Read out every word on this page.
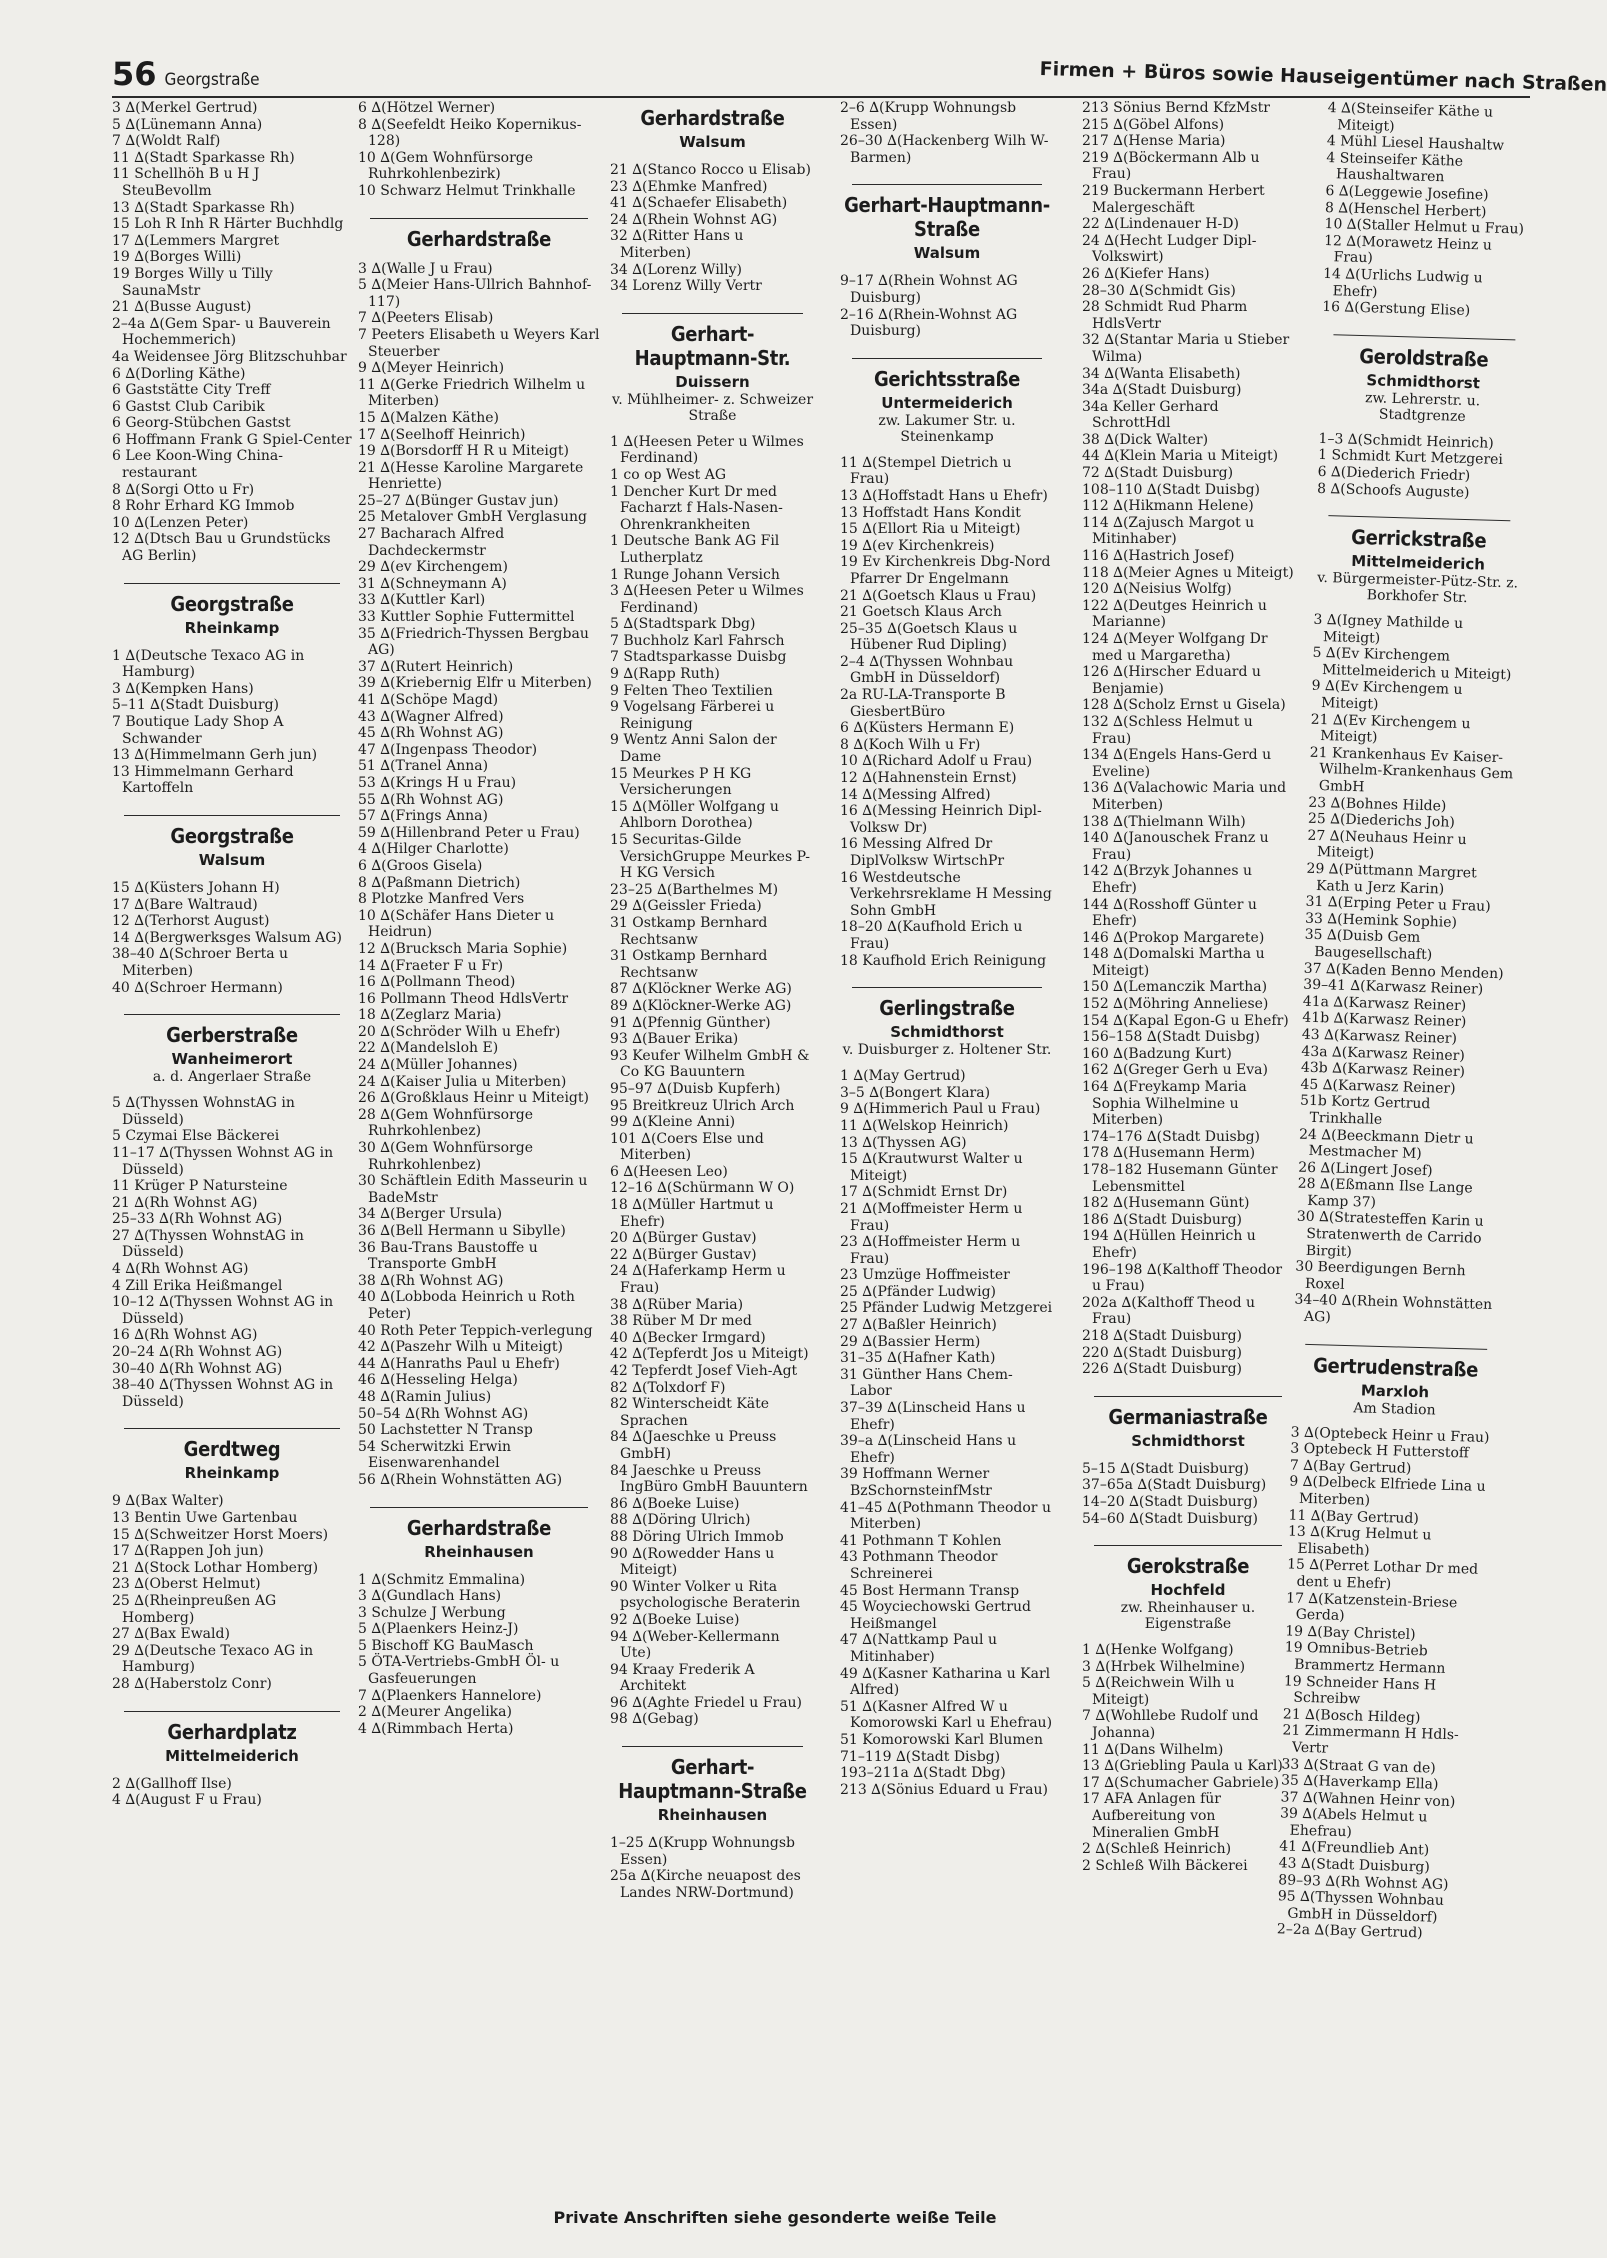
56 Georgstraße	Firmen + Büros sowie Hauseigentümer nach Straßen

3 ∆(Merkel Gertrud)

5 ∆(Lünemann Anna)

7 ∆(Woldt Ralf)

11 ∆(Stadt Sparkasse Rh)

11 Schellhöh B u H J SteuBevollm

13 ∆(Stadt Sparkasse Rh)

15 Loh R Inh R Härter Buchhdlg

17 ∆(Lemmers Margret

19 ∆(Borges Willi)

19 Borges Willy u Tilly SaunaMstr

21 ∆(Busse August)

2–4a ∆(Gem Spar- u Bauverein Hochemmerich)

4a Weidensee Jörg Blitzschuhbar

6 ∆(Dorling Käthe)

6 Gaststätte City Treff

6 Gastst Club Caribik

6 Georg-Stübchen Gastst

6 Hoffmann Frank G Spiel-Center

6 Lee Koon-Wing China-restaurant

8 ∆(Sorgi Otto u Fr)

8 Rohr Erhard KG Immob

10 ∆(Lenzen Peter)

12 ∆(Dtsch Bau u Grundstücks AG Berlin)

Georgstraße
Rheinkamp

1 ∆(Deutsche Texaco AG in Hamburg)

3 ∆(Kempken Hans)

5–11 ∆(Stadt Duisburg)

7 Boutique Lady Shop A Schwander

13 ∆(Himmelmann Gerh jun)

13 Himmelmann Gerhard Kartoffeln

Georgstraße
Walsum

15 ∆(Küsters Johann H)

17 ∆(Bare Waltraud)

12 ∆(Terhorst August)

14 ∆(Bergwerksges Walsum AG)

38–40 ∆(Schroer Berta u Miterben)

40 ∆(Schroer Hermann)

Gerberstraße
Wanheimerort
a. d. Angerlaer Straße

5 ∆(Thyssen WohnstAG in Düsseld)

5 Czymai Else Bäckerei

11–17 ∆(Thyssen Wohnst AG in Düsseld)

11 Krüger P Natursteine

21 ∆(Rh Wohnst AG)

25–33 ∆(Rh Wohnst AG)

27 ∆(Thyssen WohnstAG in Düsseld)

4 ∆(Rh Wohnst AG)

4 Zill Erika Heißmangel

10–12 ∆(Thyssen Wohnst AG in Düsseld)

16 ∆(Rh Wohnst AG)

20–24 ∆(Rh Wohnst AG)

30–40 ∆(Rh Wohnst AG)

38–40 ∆(Thyssen Wohnst AG in Düsseld)

Gerdtweg
Rheinkamp

9 ∆(Bax Walter)

13 Bentin Uwe Gartenbau

15 ∆(Schweitzer Horst Moers)

17 ∆(Rappen Joh jun)

21 ∆(Stock Lothar Homberg)

23 ∆(Oberst Helmut)

25 ∆(Rheinpreußen AG Homberg)

27 ∆(Bax Ewald)

29 ∆(Deutsche Texaco AG in Hamburg)

28 ∆(Haberstolz Conr)

Gerhardplatz
Mittelmeiderich

2 ∆(Gallhoff Ilse)

4 ∆(August F u Frau)

6 ∆(Hötzel Werner)

8 ∆(Seefeldt Heiko Kopernikus-128)

10 ∆(Gem Wohnfürsorge Ruhrkohlenbezirk)

10 Schwarz Helmut Trinkhalle

Gerhardstraße

3 ∆(Walle J u Frau)

5 ∆(Meier Hans-Ullrich Bahnhof-117)

7 ∆(Peeters Elisab)

7 Peeters Elisabeth u Weyers Karl Steuerber

9 ∆(Meyer Heinrich)

11 ∆(Gerke Friedrich Wilhelm u Miterben)

15 ∆(Malzen Käthe)

17 ∆(Seelhoff Heinrich)

19 ∆(Borsdorff H R u Miteigt)

21 ∆(Hesse Karoline Margarete Henriette)

25–27 ∆(Bünger Gustav jun)

25 Metalover GmbH Verglasung

27 Bacharach Alfred Dachdeckermstr

29 ∆(ev Kirchengem)

31 ∆(Schneymann A)

33 ∆(Kuttler Karl)

33 Kuttler Sophie Futtermittel

35 ∆(Friedrich-Thyssen Bergbau AG)

37 ∆(Rutert Heinrich)

39 ∆(Kriebernig Elfr u Miterben)

41 ∆(Schöpe Magd)

43 ∆(Wagner Alfred)

45 ∆(Rh Wohnst AG)

47 ∆(Ingenpass Theodor)

51 ∆(Tranel Anna)

53 ∆(Krings H u Frau)

55 ∆(Rh Wohnst AG)

57 ∆(Frings Anna)

59 ∆(Hillenbrand Peter u Frau)

4 ∆(Hilger Charlotte)

6 ∆(Groos Gisela)

8 ∆(Paßmann Dietrich)

8 Plotzke Manfred Vers

10 ∆(Schäfer Hans Dieter u Heidrun)

12 ∆(Brucksch Maria Sophie)

14 ∆(Fraeter F u Fr)

16 ∆(Pollmann Theod)

16 Pollmann Theod HdlsVertr

18 ∆(Zeglarz Maria)

20 ∆(Schröder Wilh u Ehefr)

22 ∆(Mandelsloh E)

24 ∆(Müller Johannes)

24 ∆(Kaiser Julia u Miterben)

26 ∆(Großklaus Heinr u Miteigt)

28 ∆(Gem Wohnfürsorge Ruhrkohlenbez)

30 ∆(Gem Wohnfürsorge Ruhrkohlenbez)

30 Schäftlein Edith Masseurin u BadeMstr

34 ∆(Berger Ursula)

36 ∆(Bell Hermann u Sibylle)

36 Bau-Trans Baustoffe u Transporte GmbH

38 ∆(Rh Wohnst AG)

40 ∆(Lobboda Heinrich u Roth Peter)

40 Roth Peter Teppich-verlegung

42 ∆(Paszehr Wilh u Miteigt)

44 ∆(Hanraths Paul u Ehefr)

46 ∆(Hesseling Helga)

48 ∆(Ramin Julius)

50–54 ∆(Rh Wohnst AG)

50 Lachstetter N Transp

54 Scherwitzki Erwin Eisenwarenhandel

56 ∆(Rhein Wohnstätten AG)

Gerhardstraße
Rheinhausen

1 ∆(Schmitz Emmalina)

3 ∆(Gundlach Hans)

3 Schulze J Werbung

5 ∆(Plaenkers Heinz-J)

5 Bischoff KG BauMasch

5 ÖTA-Vertriebs-GmbH Öl- u Gasfeuerungen

7 ∆(Plaenkers Hannelore)

2 ∆(Meurer Angelika)

4 ∆(Rimmbach Herta)

Gerhardstraße
Walsum

21 ∆(Stanco Rocco u Elisab)

23 ∆(Ehmke Manfred)

41 ∆(Schaefer Elisabeth)

24 ∆(Rhein Wohnst AG)

32 ∆(Ritter Hans u Miterben)

34 ∆(Lorenz Willy)

34 Lorenz Willy Vertr

Gerhart-Hauptmann-Str.
Duissern
v. Mühlheimer- z. Schweizer Straße

1 ∆(Heesen Peter u Wilmes Ferdinand)

1 co op West AG

1 Dencher Kurt Dr med Facharzt f Hals-Nasen-Ohrenkrankheiten

1 Deutsche Bank AG Fil Lutherplatz

1 Runge Johann Versich

3 ∆(Heesen Peter u Wilmes Ferdinand)

5 ∆(Stadtspark Dbg)

7 Buchholz Karl Fahrsch

7 Stadtsparkasse Duisbg

9 ∆(Rapp Ruth)

9 Felten Theo Textilien

9 Vogelsang Färberei u Reinigung

9 Wentz Anni Salon der Dame

15 Meurkes P H KG Versicherungen

15 ∆(Möller Wolfgang u Ahlborn Dorothea)

15 Securitas-Gilde VersichGruppe Meurkes P-H KG Versich

23–25 ∆(Barthelmes M)

29 ∆(Geissler Frieda)

31 Ostkamp Bernhard Rechtsanw

31 Ostkamp Bernhard Rechtsanw

87 ∆(Klöckner Werke AG)

89 ∆(Klöckner-Werke AG)

91 ∆(Pfennig Günther)

93 ∆(Bauer Erika)

93 Keufer Wilhelm GmbH & Co KG Bauuntern

95–97 ∆(Duisb Kupferh)

95 Breitkreuz Ulrich Arch

99 ∆(Kleine Anni)

101 ∆(Coers Else und Miterben)

6 ∆(Heesen Leo)

12–16 ∆(Schürmann W O)

18 ∆(Müller Hartmut u Ehefr)

20 ∆(Bürger Gustav)

22 ∆(Bürger Gustav)

24 ∆(Haferkamp Herm u Frau)

38 ∆(Rüber Maria)

38 Rüber M Dr med

40 ∆(Becker Irmgard)

42 ∆(Tepferdt Jos u Miteigt)

42 Tepferdt Josef Vieh-Agt

82 ∆(Tolxdorf F)

82 Winterscheidt Käte Sprachen

84 ∆(Jaeschke u Preuss GmbH)

84 Jaeschke u Preuss IngBüro GmbH Bauuntern

86 ∆(Boeke Luise)

88 ∆(Döring Ulrich)

88 Döring Ulrich Immob

90 ∆(Rowedder Hans u Miteigt)

90 Winter Volker u Rita psychologische Beraterin

92 ∆(Boeke Luise)

94 ∆(Weber-Kellermann Ute)

94 Kraay Frederik A Architekt

96 ∆(Aghte Friedel u Frau)

98 ∆(Gebag)

Gerhart-Hauptmann-Straße
Rheinhausen

1–25 ∆(Krupp Wohnungsb Essen)

25a ∆(Kirche neuapost des Landes NRW-Dortmund)

2–6 ∆(Krupp Wohnungsb Essen)

26–30 ∆(Hackenberg Wilh W-Barmen)

Gerhart-Hauptmann-Straße
Walsum

9–17 ∆(Rhein Wohnst AG Duisburg)

2–16 ∆(Rhein-Wohnst AG Duisburg)

Gerichtsstraße
Untermeiderich
zw. Lakumer Str. u. Steinenkamp

11 ∆(Stempel Dietrich u Frau)

13 ∆(Hoffstadt Hans u Ehefr)

13 Hoffstadt Hans Kondit

15 ∆(Ellort Ria u Miteigt)

19 ∆(ev Kirchenkreis)

19 Ev Kirchenkreis Dbg-Nord Pfarrer Dr Engelmann

21 ∆(Goetsch Klaus u Frau)

21 Goetsch Klaus Arch

25–35 ∆(Goetsch Klaus u Hübener Rud Dipling)

2–4 ∆(Thyssen Wohnbau GmbH in Düsseldorf)

2a RU-LA-Transporte B GiesbertBüro

6 ∆(Küsters Hermann E)

8 ∆(Koch Wilh u Fr)

10 ∆(Richard Adolf u Frau)

12 ∆(Hahnenstein Ernst)

14 ∆(Messing Alfred)

16 ∆(Messing Heinrich Dipl-Volksw Dr)

16 Messing Alfred Dr DiplVolksw WirtschPr

16 Westdeutsche Verkehrsreklame H Messing Sohn GmbH

18–20 ∆(Kaufhold Erich u Frau)

18 Kaufhold Erich Reinigung

Gerlingstraße
Schmidthorst
v. Duisburger z. Holtener Str.

1 ∆(May Gertrud)

3–5 ∆(Bongert Klara)

9 ∆(Himmerich Paul u Frau)

11 ∆(Welskop Heinrich)

13 ∆(Thyssen AG)

15 ∆(Krautwurst Walter u Miteigt)

17 ∆(Schmidt Ernst Dr)

21 ∆(Moffmeister Herm u Frau)

23 ∆(Hoffmeister Herm u Frau)

23 Umzüge Hoffmeister

25 ∆(Pfänder Ludwig)

25 Pfänder Ludwig Metzgerei

27 ∆(Baßler Heinrich)

29 ∆(Bassier Herm)

31–35 ∆(Hafner Kath)

31 Günther Hans Chem-Labor

37–39 ∆(Linscheid Hans u Ehefr)

39–a ∆(Linscheid Hans u Ehefr)

39 Hoffmann Werner BzSchornsteinfMstr

41–45 ∆(Pothmann Theodor u Miterben)

41 Pothmann T Kohlen

43 Pothmann Theodor Schreinerei

45 Bost Hermann Transp

45 Woyciechowski Gertrud Heißmangel

47 ∆(Nattkamp Paul u Mitinhaber)

49 ∆(Kasner Katharina u Karl Alfred)

51 ∆(Kasner Alfred W u Komorowski Karl u Ehefrau)

51 Komorowski Karl Blumen

71–119 ∆(Stadt Disbg)

193–211a ∆(Stadt Dbg)

213 ∆(Sönius Eduard u Frau)

213 Sönius Bernd KfzMstr

215 ∆(Göbel Alfons)

217 ∆(Hense Maria)

219 ∆(Böckermann Alb u Frau)

219 Buckermann Herbert Malergeschäft

22 ∆(Lindenauer H-D)

24 ∆(Hecht Ludger Dipl-Volkswirt)

26 ∆(Kiefer Hans)

28–30 ∆(Schmidt Gis)

28 Schmidt Rud Pharm HdlsVertr

32 ∆(Stantar Maria u Stieber Wilma)

34 ∆(Wanta Elisabeth)

34a ∆(Stadt Duisburg)

34a Keller Gerhard SchrottHdl

38 ∆(Dick Walter)

44 ∆(Klein Maria u Miteigt)

72 ∆(Stadt Duisburg)

108–110 ∆(Stadt Duisbg)

112 ∆(Hikmann Helene)

114 ∆(Zajusch Margot u Mitinhaber)

116 ∆(Hastrich Josef)

118 ∆(Meier Agnes u Miteigt)

120 ∆(Neisius Wolfg)

122 ∆(Deutges Heinrich u Marianne)

124 ∆(Meyer Wolfgang Dr med u Margaretha)

126 ∆(Hirscher Eduard u Benjamie)

128 ∆(Scholz Ernst u Gisela)

132 ∆(Schless Helmut u Frau)

134 ∆(Engels Hans-Gerd u Eveline)

136 ∆(Valachowic Maria und Miterben)

138 ∆(Thielmann Wilh)

140 ∆(Janouschek Franz u Frau)

142 ∆(Brzyk Johannes u Ehefr)

144 ∆(Rosshoff Günter u Ehefr)

146 ∆(Prokop Margarete)

148 ∆(Domalski Martha u Miteigt)

150 ∆(Lemanczik Martha)

152 ∆(Möhring Anneliese)

154 ∆(Kapal Egon-G u Ehefr)

156–158 ∆(Stadt Duisbg)

160 ∆(Badzung Kurt)

162 ∆(Greger Gerh u Eva)

164 ∆(Freykamp Maria Sophia Wilhelmine u Miterben)

174–176 ∆(Stadt Duisbg)

178 ∆(Husemann Herm)

178–182 Husemann Günter Lebensmittel

182 ∆(Husemann Günt)

186 ∆(Stadt Duisburg)

194 ∆(Hüllen Heinrich u Ehefr)

196–198 ∆(Kalthoff Theodor u Frau)

202a ∆(Kalthoff Theod u Frau)

218 ∆(Stadt Duisburg)

220 ∆(Stadt Duisburg)

226 ∆(Stadt Duisburg)

Germaniastraße
Schmidthorst

5–15 ∆(Stadt Duisburg)

37–65a ∆(Stadt Duisburg)

14–20 ∆(Stadt Duisburg)

54–60 ∆(Stadt Duisburg)

Gerokstraße
Hochfeld
zw. Rheinhauser u. Eigenstraße

1 ∆(Henke Wolfgang)

3 ∆(Hrbek Wilhelmine)

5 ∆(Reichwein Wilh u Miteigt)

7 ∆(Wohllebe Rudolf und Johanna)

11 ∆(Dans Wilhelm)

13 ∆(Griebling Paula u Karl)

17 ∆(Schumacher Gabriele)

17 AFA Anlagen für Aufbereitung von Mineralien GmbH

2 ∆(Schleß Heinrich)

2 Schleß Wilh Bäckerei

4 ∆(Steinseifer Käthe u Miteigt)

4 Mühl Liesel Haushaltw

4 Steinseifer Käthe Haushaltwaren

6 ∆(Leggewie Josefine)

8 ∆(Henschel Herbert)

10 ∆(Staller Helmut u Frau)

12 ∆(Morawetz Heinz u Frau)

14 ∆(Urlichs Ludwig u Ehefr)

16 ∆(Gerstung Elise)

Geroldstraße
Schmidthorst
zw. Lehrerstr. u. Stadtgrenze

1–3 ∆(Schmidt Heinrich)

1 Schmidt Kurt Metzgerei

6 ∆(Diederich Friedr)

8 ∆(Schoofs Auguste)

Gerrickstraße
Mittelmeiderich
v. Bürgermeister-Pütz-Str. z. Borkhofer Str.

3 ∆(Igney Mathilde u Miteigt)

5 ∆(Ev Kirchengem Mittelmeiderich u Miteigt)

9 ∆(Ev Kirchengem u Miteigt)

21 ∆(Ev Kirchengem u Miteigt)

21 Krankenhaus Ev Kaiser-Wilhelm-Krankenhaus Gem GmbH

23 ∆(Bohnes Hilde)

25 ∆(Diederichs Joh)

27 ∆(Neuhaus Heinr u Miteigt)

29 ∆(Püttmann Margret Kath u Jerz Karin)

31 ∆(Erping Peter u Frau)

33 ∆(Hemink Sophie)

35 ∆(Duisb Gem Baugesellschaft)

37 ∆(Kaden Benno Menden)

39–41 ∆(Karwasz Reiner)

41a ∆(Karwasz Reiner)

41b ∆(Karwasz Reiner)

43 ∆(Karwasz Reiner)

43a ∆(Karwasz Reiner)

43b ∆(Karwasz Reiner)

45 ∆(Karwasz Reiner)

51b Kortz Gertrud Trinkhalle

24 ∆(Beeckmann Dietr u Mestmacher M)

26 ∆(Lingert Josef)

28 ∆(Eßmann Ilse Lange Kamp 37)

30 ∆(Stratesteffen Karin u Stratenwerth de Carrido Birgit)

30 Beerdigungen Bernh Roxel

34–40 ∆(Rhein Wohnstätten AG)

Gertrudenstraße
Marxloh
Am Stadion

3 ∆(Optebeck Heinr u Frau)

3 Optebeck H Futterstoff

7 ∆(Bay Gertrud)

9 ∆(Delbeck Elfriede Lina u Miterben)

11 ∆(Bay Gertrud)

13 ∆(Krug Helmut u Elisabeth)

15 ∆(Perret Lothar Dr med dent u Ehefr)

17 ∆(Katzenstein-Briese Gerda)

19 ∆(Bay Christel)

19 Omnibus-Betrieb Brammertz Hermann

19 Schneider Hans H Schreibw

21 ∆(Bosch Hildeg)

21 Zimmermann H Hdls-Vertr

33 ∆(Straat G van de)

35 ∆(Haverkamp Ella)

37 ∆(Wahnen Heinr von)

39 ∆(Abels Helmut u Ehefrau)

41 ∆(Freundlieb Ant)

43 ∆(Stadt Duisburg)

89–93 ∆(Rh Wohnst AG)

95 ∆(Thyssen Wohnbau GmbH in Düsseldorf)

2–2a ∆(Bay Gertrud)

Private Anschriften siehe gesonderte weiße Teile
